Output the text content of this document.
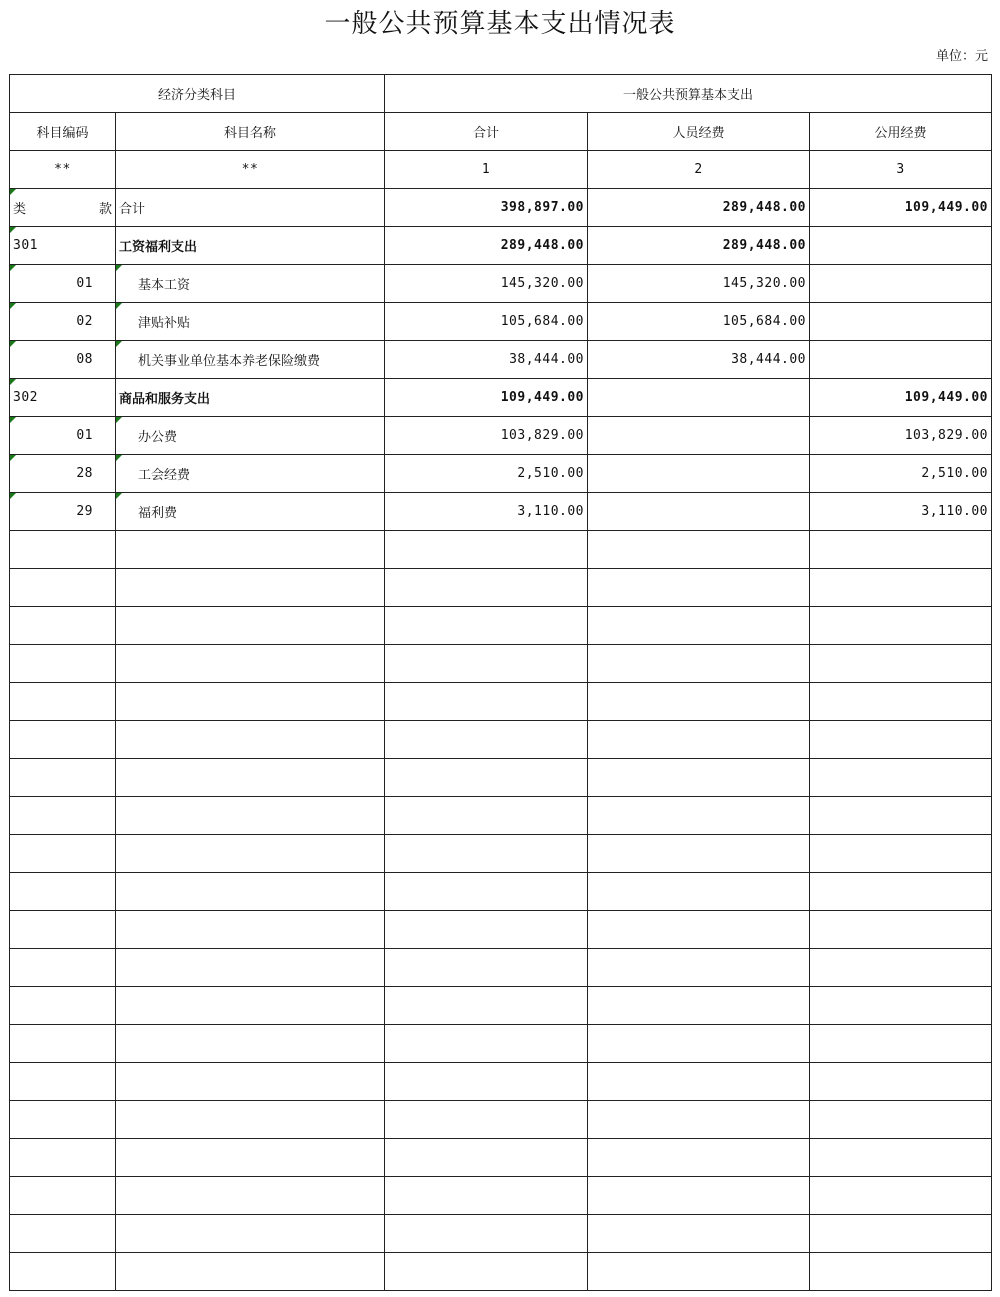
一般公共预算基本支出情况表
单位：元
经济分类科目		一般公共预算基本支出		
科目编码	科目名称	合计	人员经费	公用经费
**	**	1	2	3

类 款	合计	398,897.00	289,448.00	109,449.00

301	工资福利支出	289,448.00	289,448.00	

01	基本工资	145,320.00	145,320.00	

02	津贴补贴	105,684.00	105,684.00	

08	机关事业单位基本养老保险缴费	38,444.00	38,444.00	

302	商品和服务支出	109,449.00		109,449.00

01	办公费	103,829.00		103,829.00

28	工会经费	2,510.00		2,510.00

29	福利费	3,110.00		3,110.00
